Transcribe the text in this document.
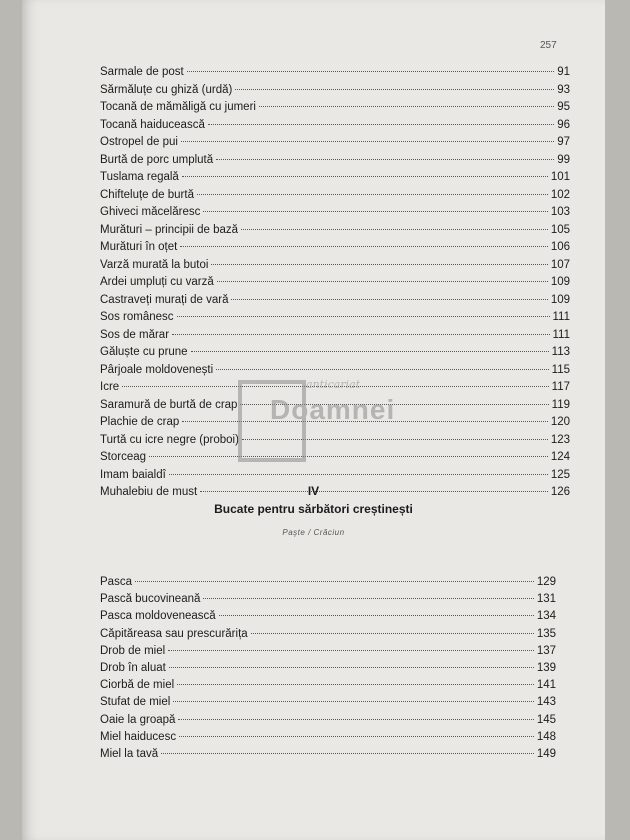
257
Sarmale de post	91
Sărmăluțe cu ghiză (urdă)	93
Tocană de mămăligă cu jumeri	95
Tocană haiducească	96
Ostropel de pui	97
Burtă de porc umplută	99
Tuslama regală	101
Chifteluțe de burtă	102
Ghiveci măcelăresc	103
Murături – principii de bază	105
Murături în oțet	106
Varză murată la butoi	107
Ardei umpluți cu varză	109
Castraveți murați de vară	109
Sos românesc	111
Sos de mărar	111
Găluște cu prune	113
Pârjoale moldovenești	115
Icre	117
Saramură de burtă de crap	119
Plachie de crap	120
Turtă cu icre negre (proboi)	123
Storceag	124
Imam baialdî	125
Muhalebiu de must	126
IV
Bucate pentru sărbători creștinești
Paşte / Crăciun
Pasca	129
Pască bucovineană	131
Pasca moldovenească	134
Căpităreasa sau prescurărița	135
Drob de miel	137
Drob în aluat	139
Ciorbă de miel	141
Stufat de miel	143
Oaie la groapă	145
Miel haiducesc	148
Miel la tavă	149
anticariat
Doamnei
